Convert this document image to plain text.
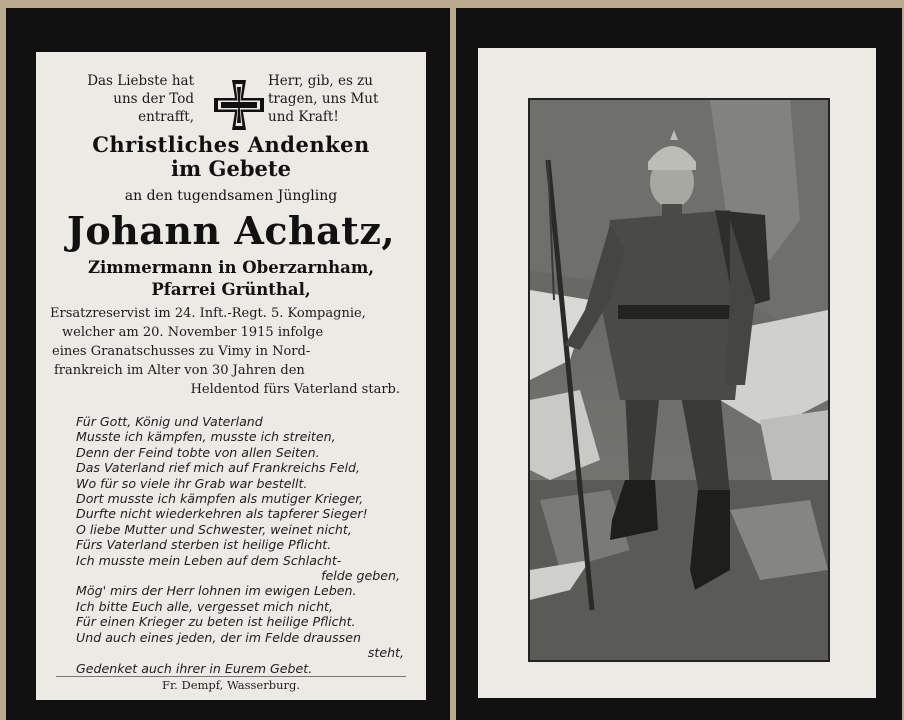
Das Liebste hat
uns der Tod
entrafft,
Herr, gib, es zu
tragen, uns Mut
und Kraft!
Christliches Andenken
im Gebete
an den tugendsamen Jüngling
Johann Achatz,
Zimmermann in Oberzarnham,
Pfarrei Grünthal,
Ersatzreservist im 24. Inft.-Regt. 5. Kompagnie,
welcher am 20. November 1915 infolge
eines Granatschusses zu Vimy in Nord-
frankreich im Alter von 30 Jahren den
Heldentod fürs Vaterland starb.
Für Gott, König und Vaterland
Musste ich kämpfen, musste ich streiten,
Denn der Feind tobte von allen Seiten.
Das Vaterland rief mich auf Frankreichs Feld,
Wo für so viele ihr Grab war bestellt.
Dort musste ich kämpfen als mutiger Krieger,
Durfte nicht wiederkehren als tapferer Sieger!
O liebe Mutter und Schwester, weinet nicht,
Fürs Vaterland sterben ist heilige Pflicht.
Ich musste mein Leben auf dem Schlacht-
felde geben,
Mög' mirs der Herr lohnen im ewigen Leben.
Ich bitte Euch alle, vergesset mich nicht,
Für einen Krieger zu beten ist heilige Pflicht.
Und auch eines jeden, der im Felde draussen
steht,
Gedenket auch ihrer in Eurem Gebet.
Fr. Dempf, Wasserburg.
